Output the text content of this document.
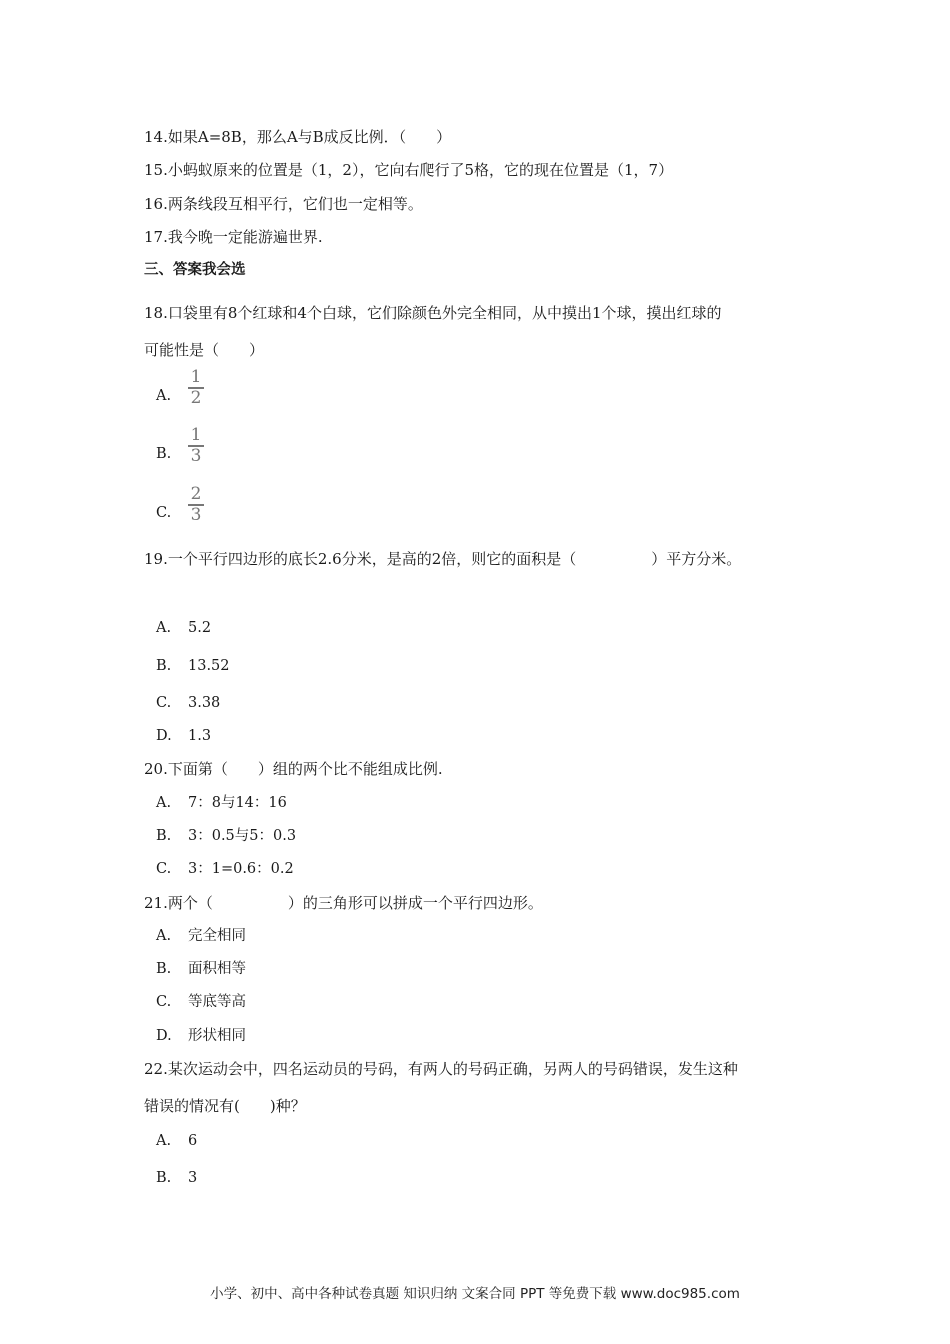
14.如果A=8B，那么A与B成反比例．（　　）
15.小蚂蚁原来的位置是（1，2），它向右爬行了5格，它的现在位置是（1，7）
16.两条线段互相平行，它们也一定相等。
17.我今晚一定能游遍世界.
三、答案我会选
18.口袋里有8个红球和4个白球，它们除颜色外完全相同，从中摸出1个球，摸出红球的
可能性是（　　）
A.
1
2
B.
1
3
C.
2
3
19.一个平行四边形的底长2.6分米，是高的2倍，则它的面积是（　　　　　）平方分米。
A. 5.2
B. 13.52
C. 3.38
D. 1.3
20.下面第（　　）组的两个比不能组成比例.
A. 7：8与14：16
B. 3：0.5与5：0.3
C. 3：1=0.6：0.2
21.两个（　　　　　）的三角形可以拼成一个平行四边形。
A. 完全相同
B. 面积相等
C. 等底等高
D. 形状相同
22.某次运动会中，四名运动员的号码，有两人的号码正确，另两人的号码错误，发生这种
错误的情况有(　　)种？
A. 6
B. 3
小学、初中、高中各种试卷真题 知识归纳 文案合同 PPT 等免费下载 www.doc985.com
